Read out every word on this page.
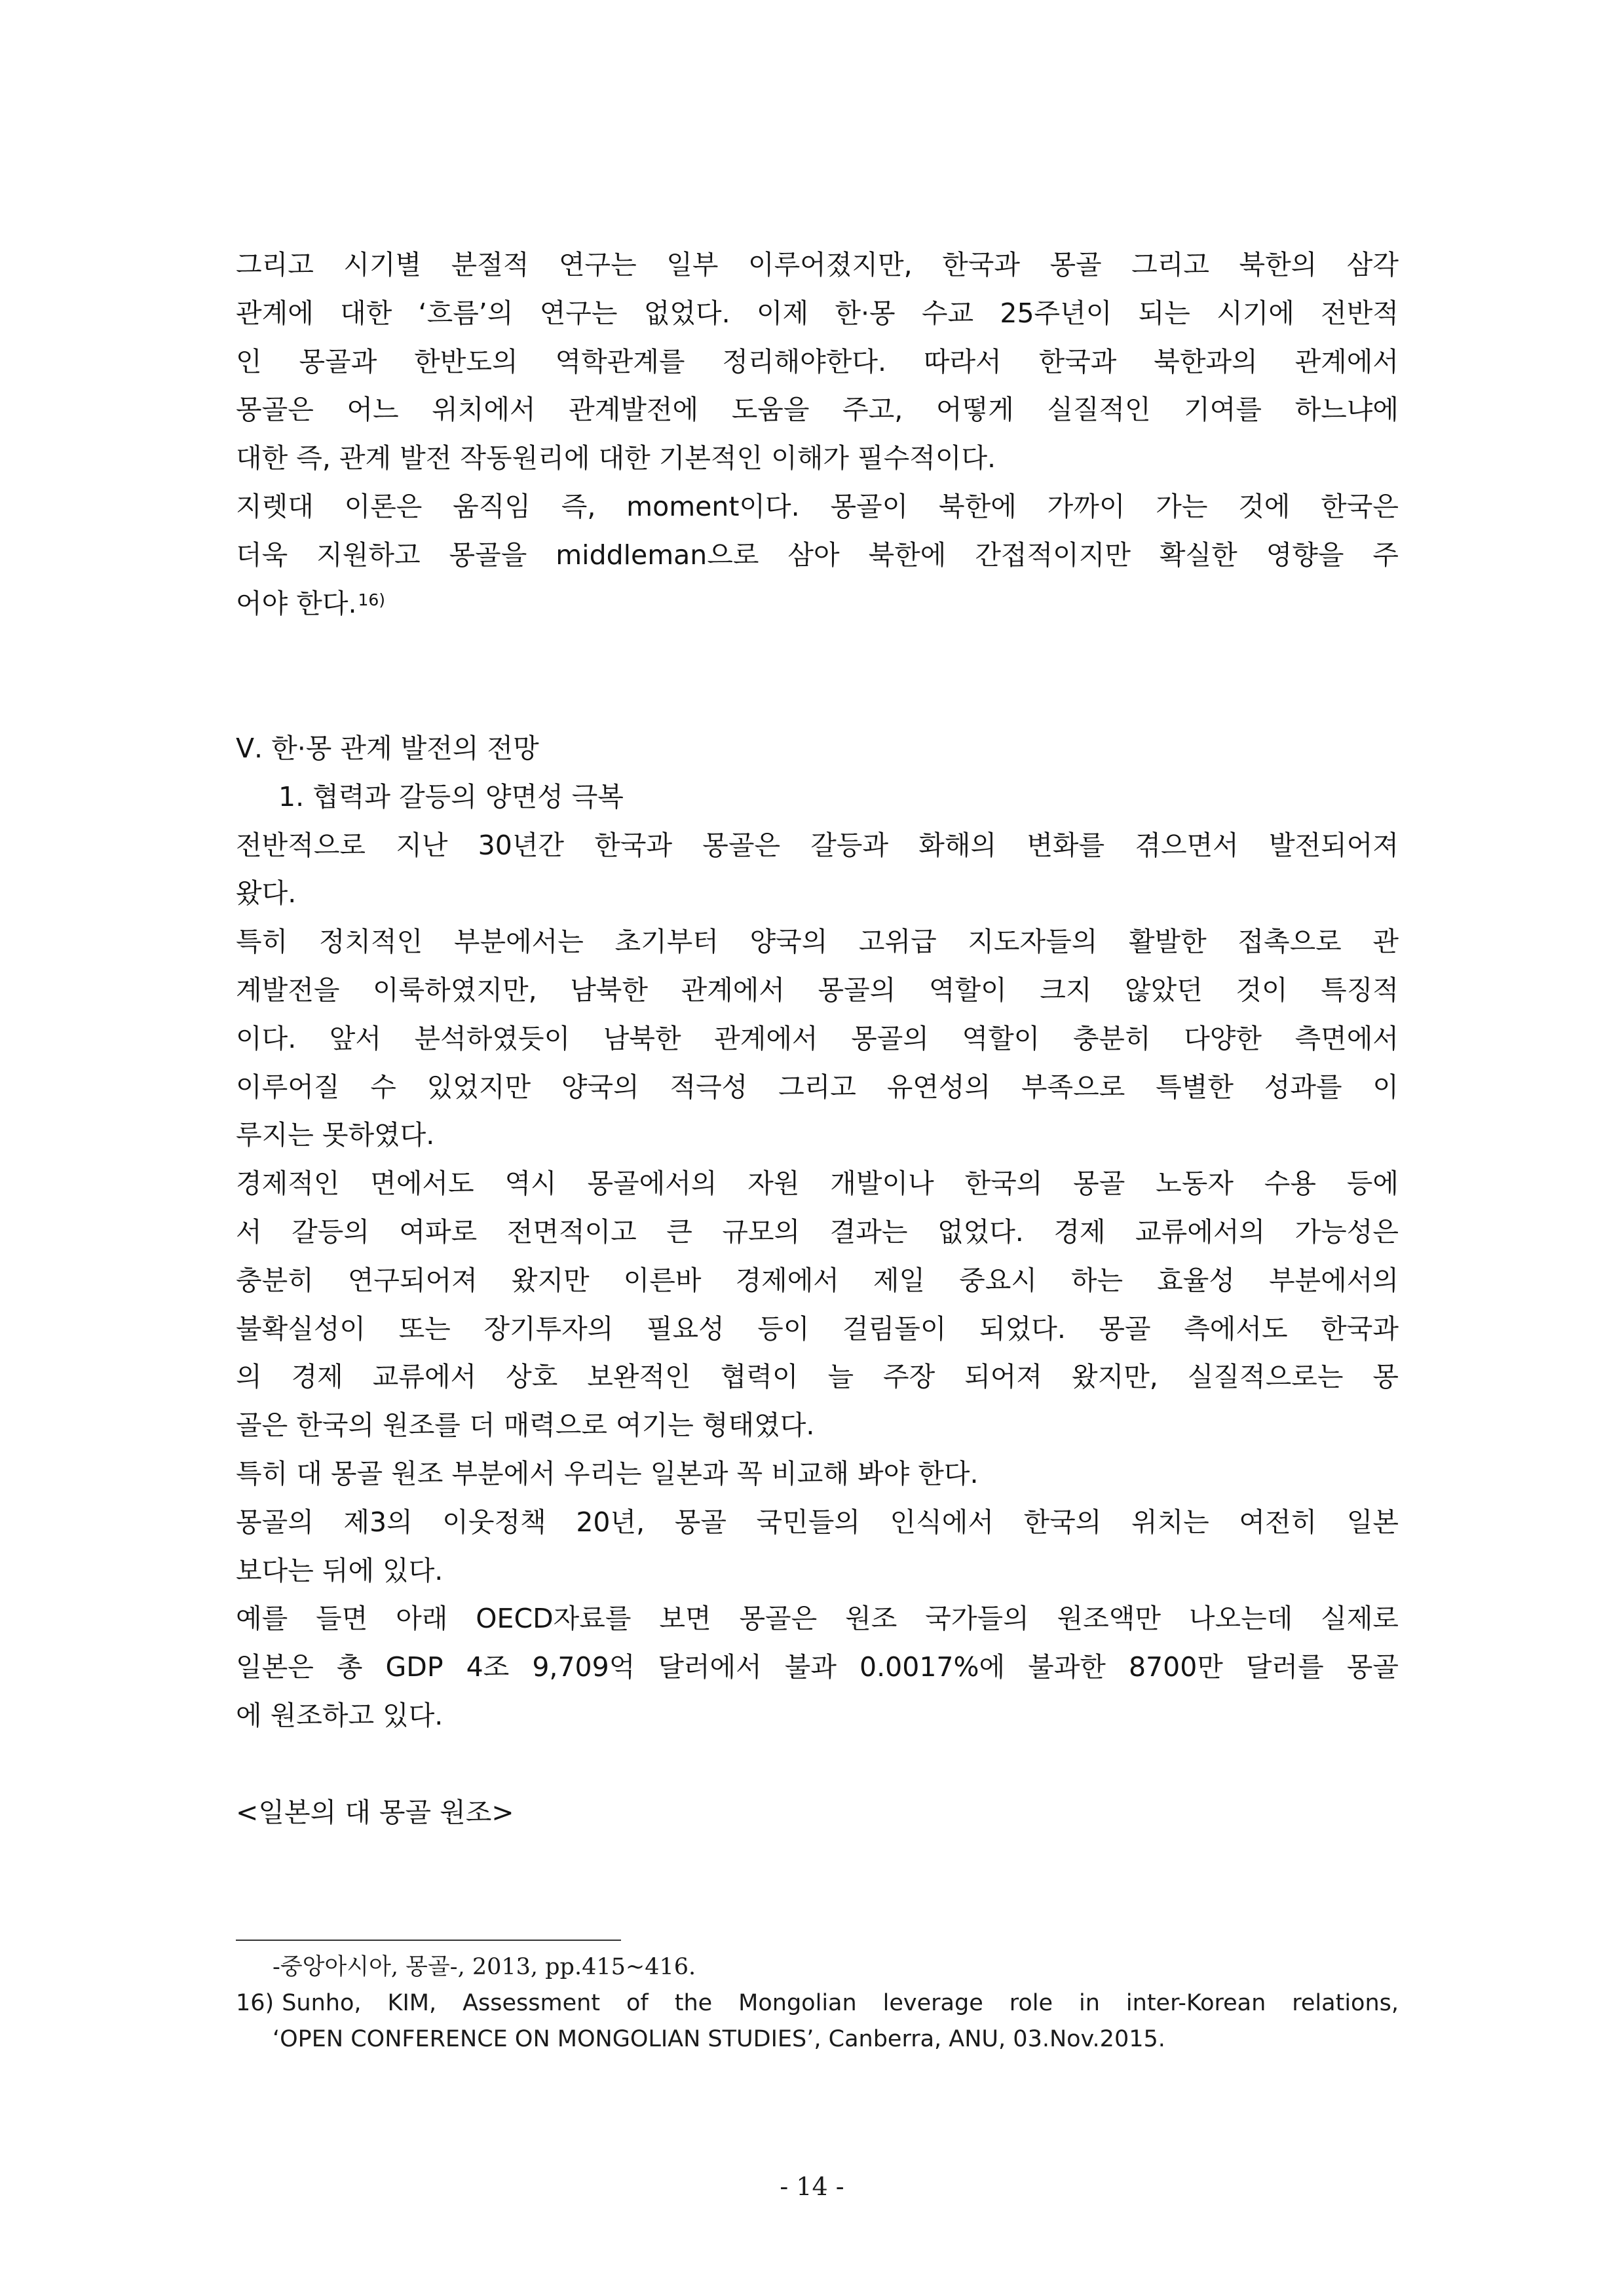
그리고 시기별 분절적 연구는 일부 이루어졌지만, 한국과 몽골 그리고 북한의 삼각
관계에 대한 ‘흐름’의 연구는 없었다. 이제 한·몽 수교 25주년이 되는 시기에 전반적
인 몽골과 한반도의 역학관계를 정리해야한다. 따라서 한국과 북한과의 관계에서
몽골은 어느 위치에서 관계발전에 도움을 주고, 어떻게 실질적인 기여를 하느냐에
대한 즉, 관계 발전 작동원리에 대한 기본적인 이해가 필수적이다.
지렛대 이론은 움직임 즉, moment이다. 몽골이 북한에 가까이 가는 것에 한국은
더욱 지원하고 몽골을 middleman으로 삼아 북한에 간접적이지만 확실한 영향을 주
어야 한다.$^{16)}$
Ⅴ. 한·몽 관계 발전의 전망
1. 협력과 갈등의 양면성 극복
전반적으로 지난 30년간 한국과 몽골은 갈등과 화해의 변화를 겪으면서 발전되어져
왔다.
특히 정치적인 부분에서는 초기부터 양국의 고위급 지도자들의 활발한 접촉으로 관
계발전을 이룩하였지만, 남북한 관계에서 몽골의 역할이 크지 않았던 것이 특징적
이다. 앞서 분석하였듯이 남북한 관계에서 몽골의 역할이 충분히 다양한 측면에서
이루어질 수 있었지만 양국의 적극성 그리고 유연성의 부족으로 특별한 성과를 이
루지는 못하였다.
경제적인 면에서도 역시 몽골에서의 자원 개발이나 한국의 몽골 노동자 수용 등에
서 갈등의 여파로 전면적이고 큰 규모의 결과는 없었다. 경제 교류에서의 가능성은
충분히 연구되어져 왔지만 이른바 경제에서 제일 중요시 하는 효율성 부분에서의
불확실성이 또는 장기투자의 필요성 등이 걸림돌이 되었다. 몽골 측에서도 한국과
의 경제 교류에서 상호 보완적인 협력이 늘 주장 되어져 왔지만, 실질적으로는 몽
골은 한국의 원조를 더 매력으로 여기는 형태였다.
특히 대 몽골 원조 부분에서 우리는 일본과 꼭 비교해 봐야 한다.
몽골의 제3의 이웃정책 20년, 몽골 국민들의 인식에서 한국의 위치는 여전히 일본
보다는 뒤에 있다.
예를 들면 아래 OECD자료를 보면 몽골은 원조 국가들의 원조액만 나오는데 실제로
일본은 총 GDP 4조 9,709억 달러에서 불과 0.0017%에 불과한 8700만 달러를 몽골
에 원조하고 있다.
<일본의 대 몽골 원조>
-중앙아시아, 몽골-, 2013, pp.415~416.
16) Sunho, KIM, Assessment of the Mongolian leverage role in inter-Korean relations,
‘OPEN CONFERENCE ON MONGOLIAN STUDIES’, Canberra, ANU, 03.Nov.2015.
- 14 -
